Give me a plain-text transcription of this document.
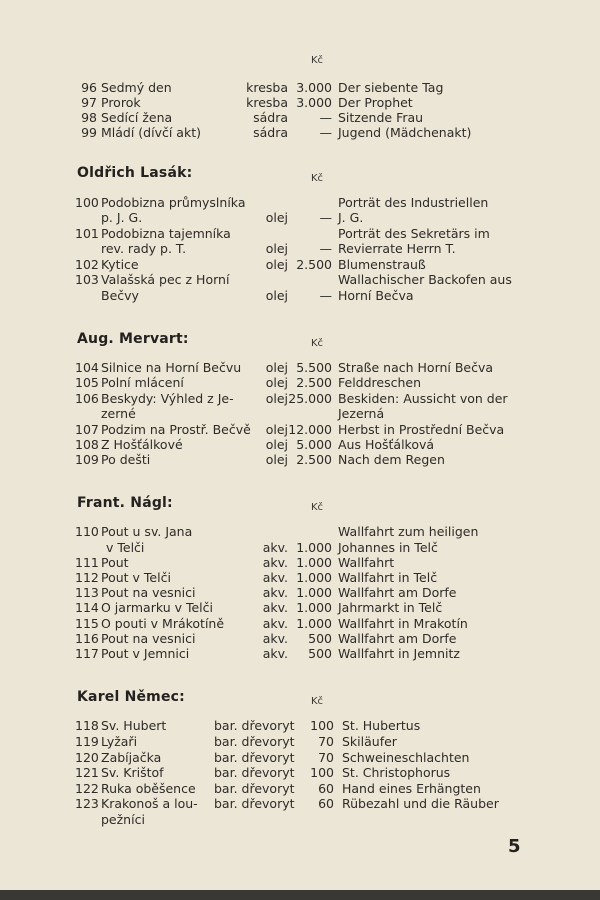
Kč
96 Sedmý den	kresba 3.000 Der siebente Tag
97 Prorok	kresba 3.000 Der Prophet
98 Sedící žena	sádra	— Sitzende Frau
99 Mládí (dívčí akt)	sádra	— Jugend (Mädchenakt)
Oldřich Lasák:	Kč
100 Podobizna průmyslníka	Porträt des Industriellen
p. J. G.	olej	— J. G.
101 Podobizna tajemníka	Porträt des Sekretärs im
rev. rady p. T.	olej	— Revierrate Herrn T.
102 Kytice	olej 2.500 Blumenstrauß
103 Valašská pec z Horní	Wallachischer Backofen aus
Bečvy	olej	— Horní Bečva
Aug. Mervart:	Kč
104 Silnice na Horní Bečvu olej 5.500 Straße nach Horní Bečva
105 Polní mlácení	olej 2.500 Felddreschen
106 Beskydy: Výhled z Je-	olej 25.000 Beskiden: Aussicht von der
zerné	Jezerná
107 Podzim na Prostř. Bečvě olej 12.000 Herbst in Prostřední Bečva
108 Z Hošťálkové	olej 5.000 Aus Hošťálková
109 Po dešti	olej 2.500 Nach dem Regen
Frant. Nágl:	Kč
110 Pout u sv. Jana	Wallfahrt zum heiligen
v Telči	akv. 1.000 Johannes in Telč
111 Pout	akv. 1.000 Wallfahrt
112 Pout v Telči	akv. 1.000 Wallfahrt in Telč
113 Pout na vesnici	akv. 1.000 Wallfahrt am Dorfe
114 O jarmarku v Telči	akv. 1.000 Jahrmarkt in Telč
115 O pouti v Mrákotíně	akv. 1.000 Wallfahrt in Mrakotín
116 Pout na vesnici	akv. 500 Wallfahrt am Dorfe
117 Pout v Jemnici	akv. 500 Wallfahrt in Jemnitz
Karel Němec:	Kč
118 Sv. Hubert	bar. dřevoryt 100 St. Hubertus
119 Lyžaři	bar. dřevoryt 70 Skiläufer
120 Zabíjačka	bar. dřevoryt 70 Schweineschlachten
121 Sv. Krištof	bar. dřevoryt 100 St. Christophorus
122 Ruka oběšence bar. dřevoryt 60 Hand eines Erhängten
123 Krakonoš a lou- bar. dřevoryt 60 Rübezahl und die Räuber
pežníci
5
